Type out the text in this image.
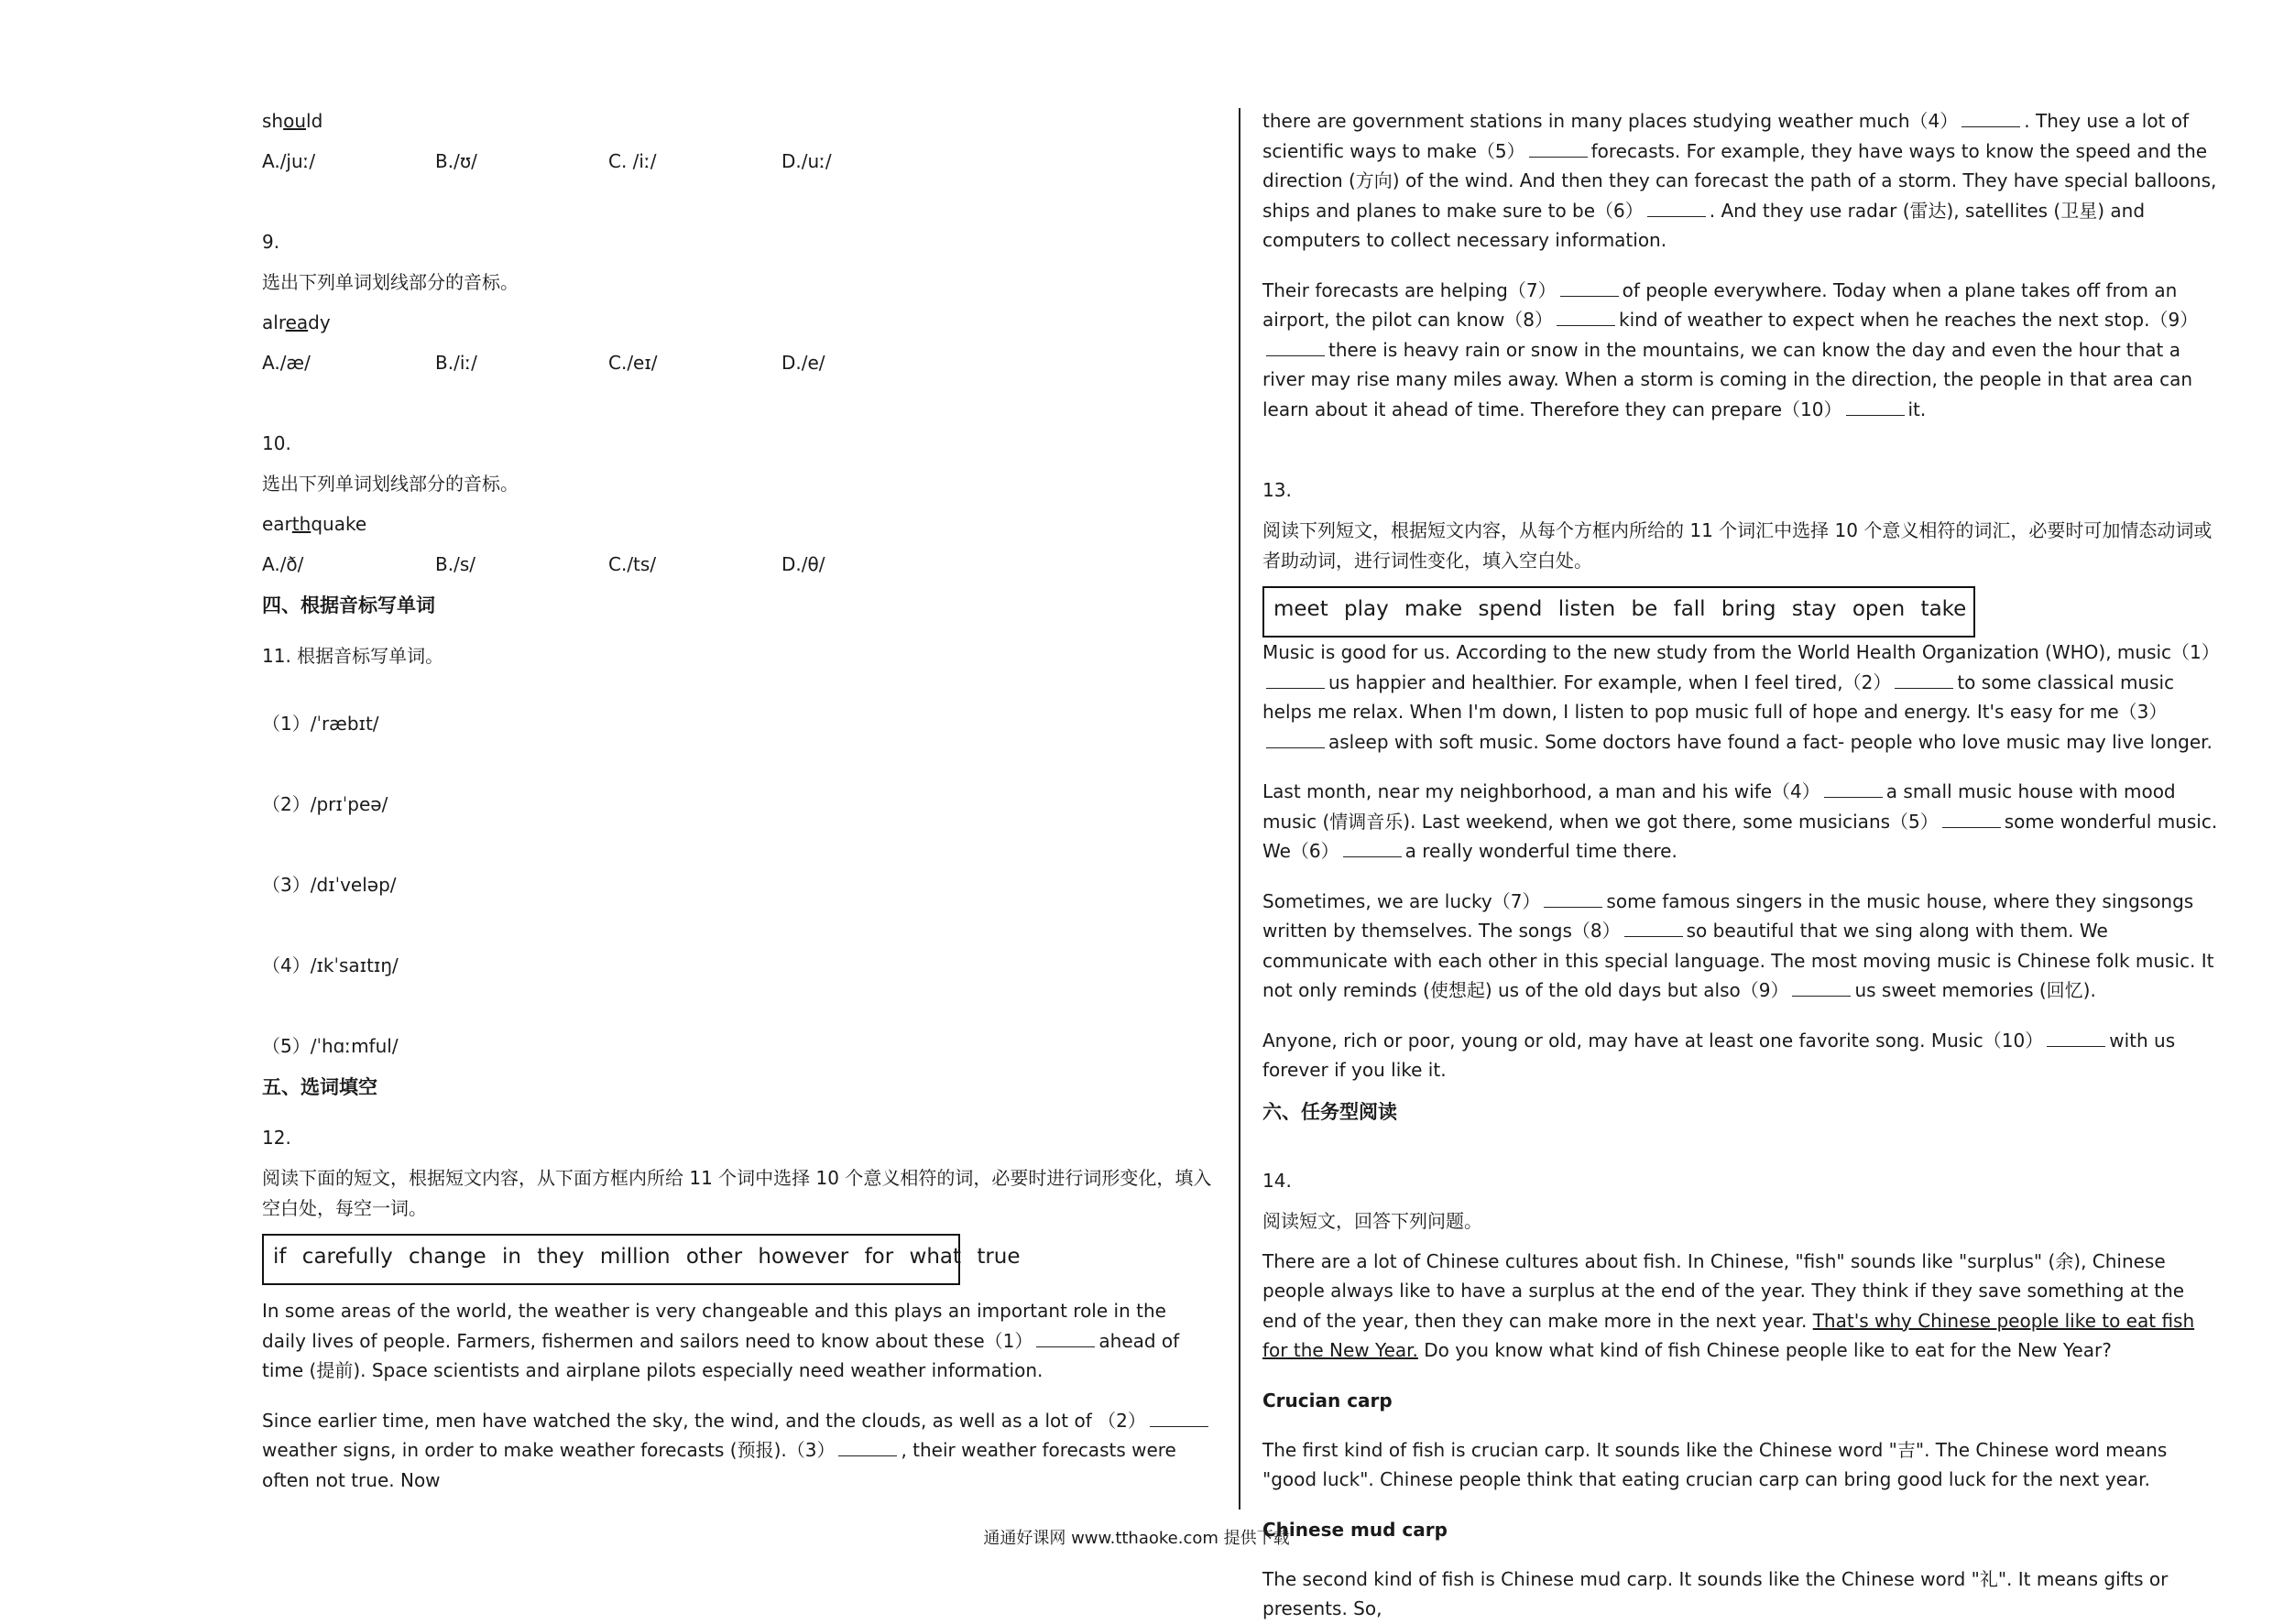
should

A./juː/	B./ʊ/	C. /iː/	D./uː/

9.

选出下列单词划线部分的音标。

already

A./æ/	B./iː/	C./eɪ/	D./e/

10.

选出下列单词划线部分的音标。

earthquake

A./ð/	B./s/	C./ts/	D./θ/

四、根据音标写单词

11. 根据音标写单词。

（1）/ˈræbɪt/

（2）/prɪˈpeə/

（3）/dɪˈveləp/

（4）/ɪkˈsaɪtɪŋ/

（5）/ˈhɑːmful/

五、选词填空

12.

阅读下面的短文，根据短文内容，从下面方框内所给 11 个词中选择 10 个意义相符的词，必要时进行词形变化，填入空白处，每空一词。

if carefully change in they million other however for what true

In some areas of the world, the weather is very changeable and this plays an important role in the daily lives of people. Farmers, fishermen and sailors need to know about these（1）	ahead of time (提前). Space scientists and airplane pilots especially need weather information.

Since earlier time, men have watched the sky, the wind, and the clouds, as well as a lot of （2）weather signs, in order to make weather forecasts (预报).（3）	, their weather forecasts were often not true. Now

there are government stations in many places studying weather much（4）	. They use a lot of scientific ways to make（5）	forecasts. For example, they have ways to know the speed and the direction (方向) of the wind. And then they can forecast the path of a storm. They have special balloons, ships and planes to make sure to be（6）	. And they use radar (雷达), satellites (卫星) and computers to collect necessary information.

Their forecasts are helping（7）	of people everywhere. Today when a plane takes off from an airport, the pilot can know（8）	kind of weather to expect when he reaches the next stop.（9）there is heavy rain or snow in the mountains, we can know the day and even the hour that a river may rise many miles away. When a storm is coming in the direction, the people in that area can learn about it ahead of time. Therefore they can prepare（10）	it.

13.

阅读下列短文，根据短文内容，从每个方框内所给的 11 个词汇中选择 10 个意义相符的词汇，必要时可加情态动词或者助动词，进行词性变化，填入空白处。

meet play make spend listen be fall bring stay open take

Music is good for us. According to the new study from the World Health Organization (WHO), music（1）us happier and healthier. For example, when I feel tired,（2）	to some classical music helps me relax. When I'm down, I listen to pop music full of hope and energy. It's easy for me（3）asleep with soft music. Some doctors have found a fact- people who love music may live longer.

Last month, near my neighborhood, a man and his wife（4）	a small music house with mood music (情调音乐). Last weekend, when we got there, some musicians（5）	some wonderful music. We（6）	a really wonderful time there.

Sometimes, we are lucky（7）	some famous singers in the music house, where they singsongs written by themselves. The songs（8）	so beautiful that we sing along with them. We communicate with each other in this special language. The most moving music is Chinese folk music. It not only reminds (使想起) us of the old days but also（9）	us sweet memories (回忆).

Anyone, rich or poor, young or old, may have at least one favorite song. Music（10）	with us forever if you like it.

六、任务型阅读

14.

阅读短文，回答下列问题。

There are a lot of Chinese cultures about fish. In Chinese, "fish" sounds like "surplus" (余), Chinese people always like to have a surplus at the end of the year. They think if they save something at the end of the year, then they can make more in the next year. That's why Chinese people like to eat fish for the New Year. Do you know what kind of fish Chinese people like to eat for the New Year?

Crucian carp

The first kind of fish is crucian carp. It sounds like the Chinese word "吉". The Chinese word means "good luck". Chinese people think that eating crucian carp can bring good luck for the next year.

Chinese mud carp

The second kind of fish is Chinese mud carp. It sounds like the Chinese word "礼". It means gifts or presents. So,

通通好课网 www.tthaoke.com 提供下载
